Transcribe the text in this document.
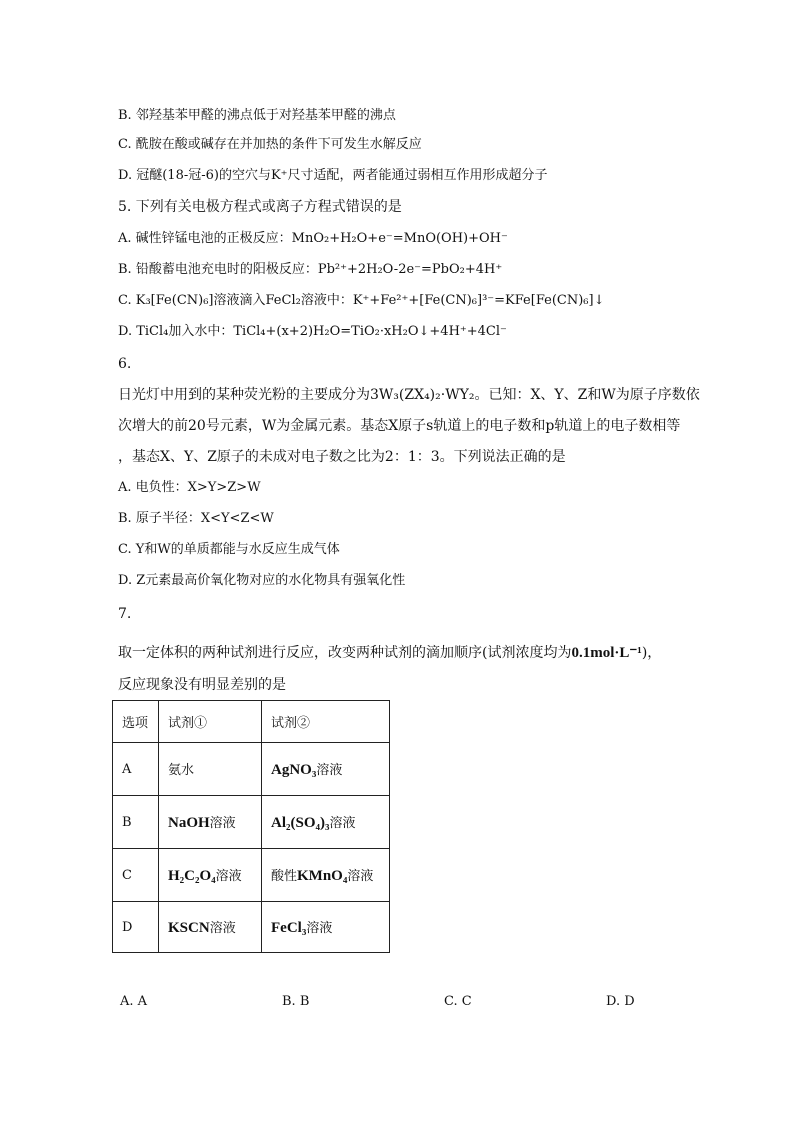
B. 邻羟基苯甲醛的沸点低于对羟基苯甲醛的沸点
C. 酰胺在酸或碱存在并加热的条件下可发生水解反应
D. 冠醚(18-冠-6)的空穴与K⁺尺寸适配，两者能通过弱相互作用形成超分子
5. 下列有关电极方程式或离子方程式错误的是
A. 碱性锌锰电池的正极反应：MnO₂+H₂O+e⁻=MnO(OH)+OH⁻
B. 铅酸蓄电池充电时的阳极反应：Pb²⁺+2H₂O-2e⁻=PbO₂+4H⁺
C. K₃[Fe(CN)₆]溶液滴入FeCl₂溶液中：K⁺+Fe²⁺+[Fe(CN)₆]³⁻=KFe[Fe(CN)₆]↓
D. TiCl₄加入水中：TiCl₄+(x+2)H₂O=TiO₂·xH₂O↓+4H⁺+4Cl⁻
6.
日光灯中用到的某种荧光粉的主要成分为3W₃(ZX₄)₂·WY₂。已知：X、Y、Z和W为原子序数依
次增大的前20号元素，W为金属元素。基态X原子s轨道上的电子数和p轨道上的电子数相等
，基态X、Y、Z原子的未成对电子数之比为2：1：3。下列说法正确的是
A. 电负性：X>Y>Z>W
B. 原子半径：X<Y<Z<W
C. Y和W的单质都能与水反应生成气体
D. Z元素最高价氧化物对应的水化物具有强氧化性
7.
取一定体积的两种试剂进行反应，改变两种试剂的滴加顺序(试剂浓度均为0.1mol·L⁻¹)，
反应现象没有明显差别的是
选项	试剂①	试剂②
A	氨水	AgNO₃溶液
B	NaOH溶液	Al₂(SO₄)₃溶液
C	H₂C₂O₄溶液	酸性KMnO₄溶液
D	KSCN溶液	FeCl₃溶液
A. A	B. B	C. C	D. D
